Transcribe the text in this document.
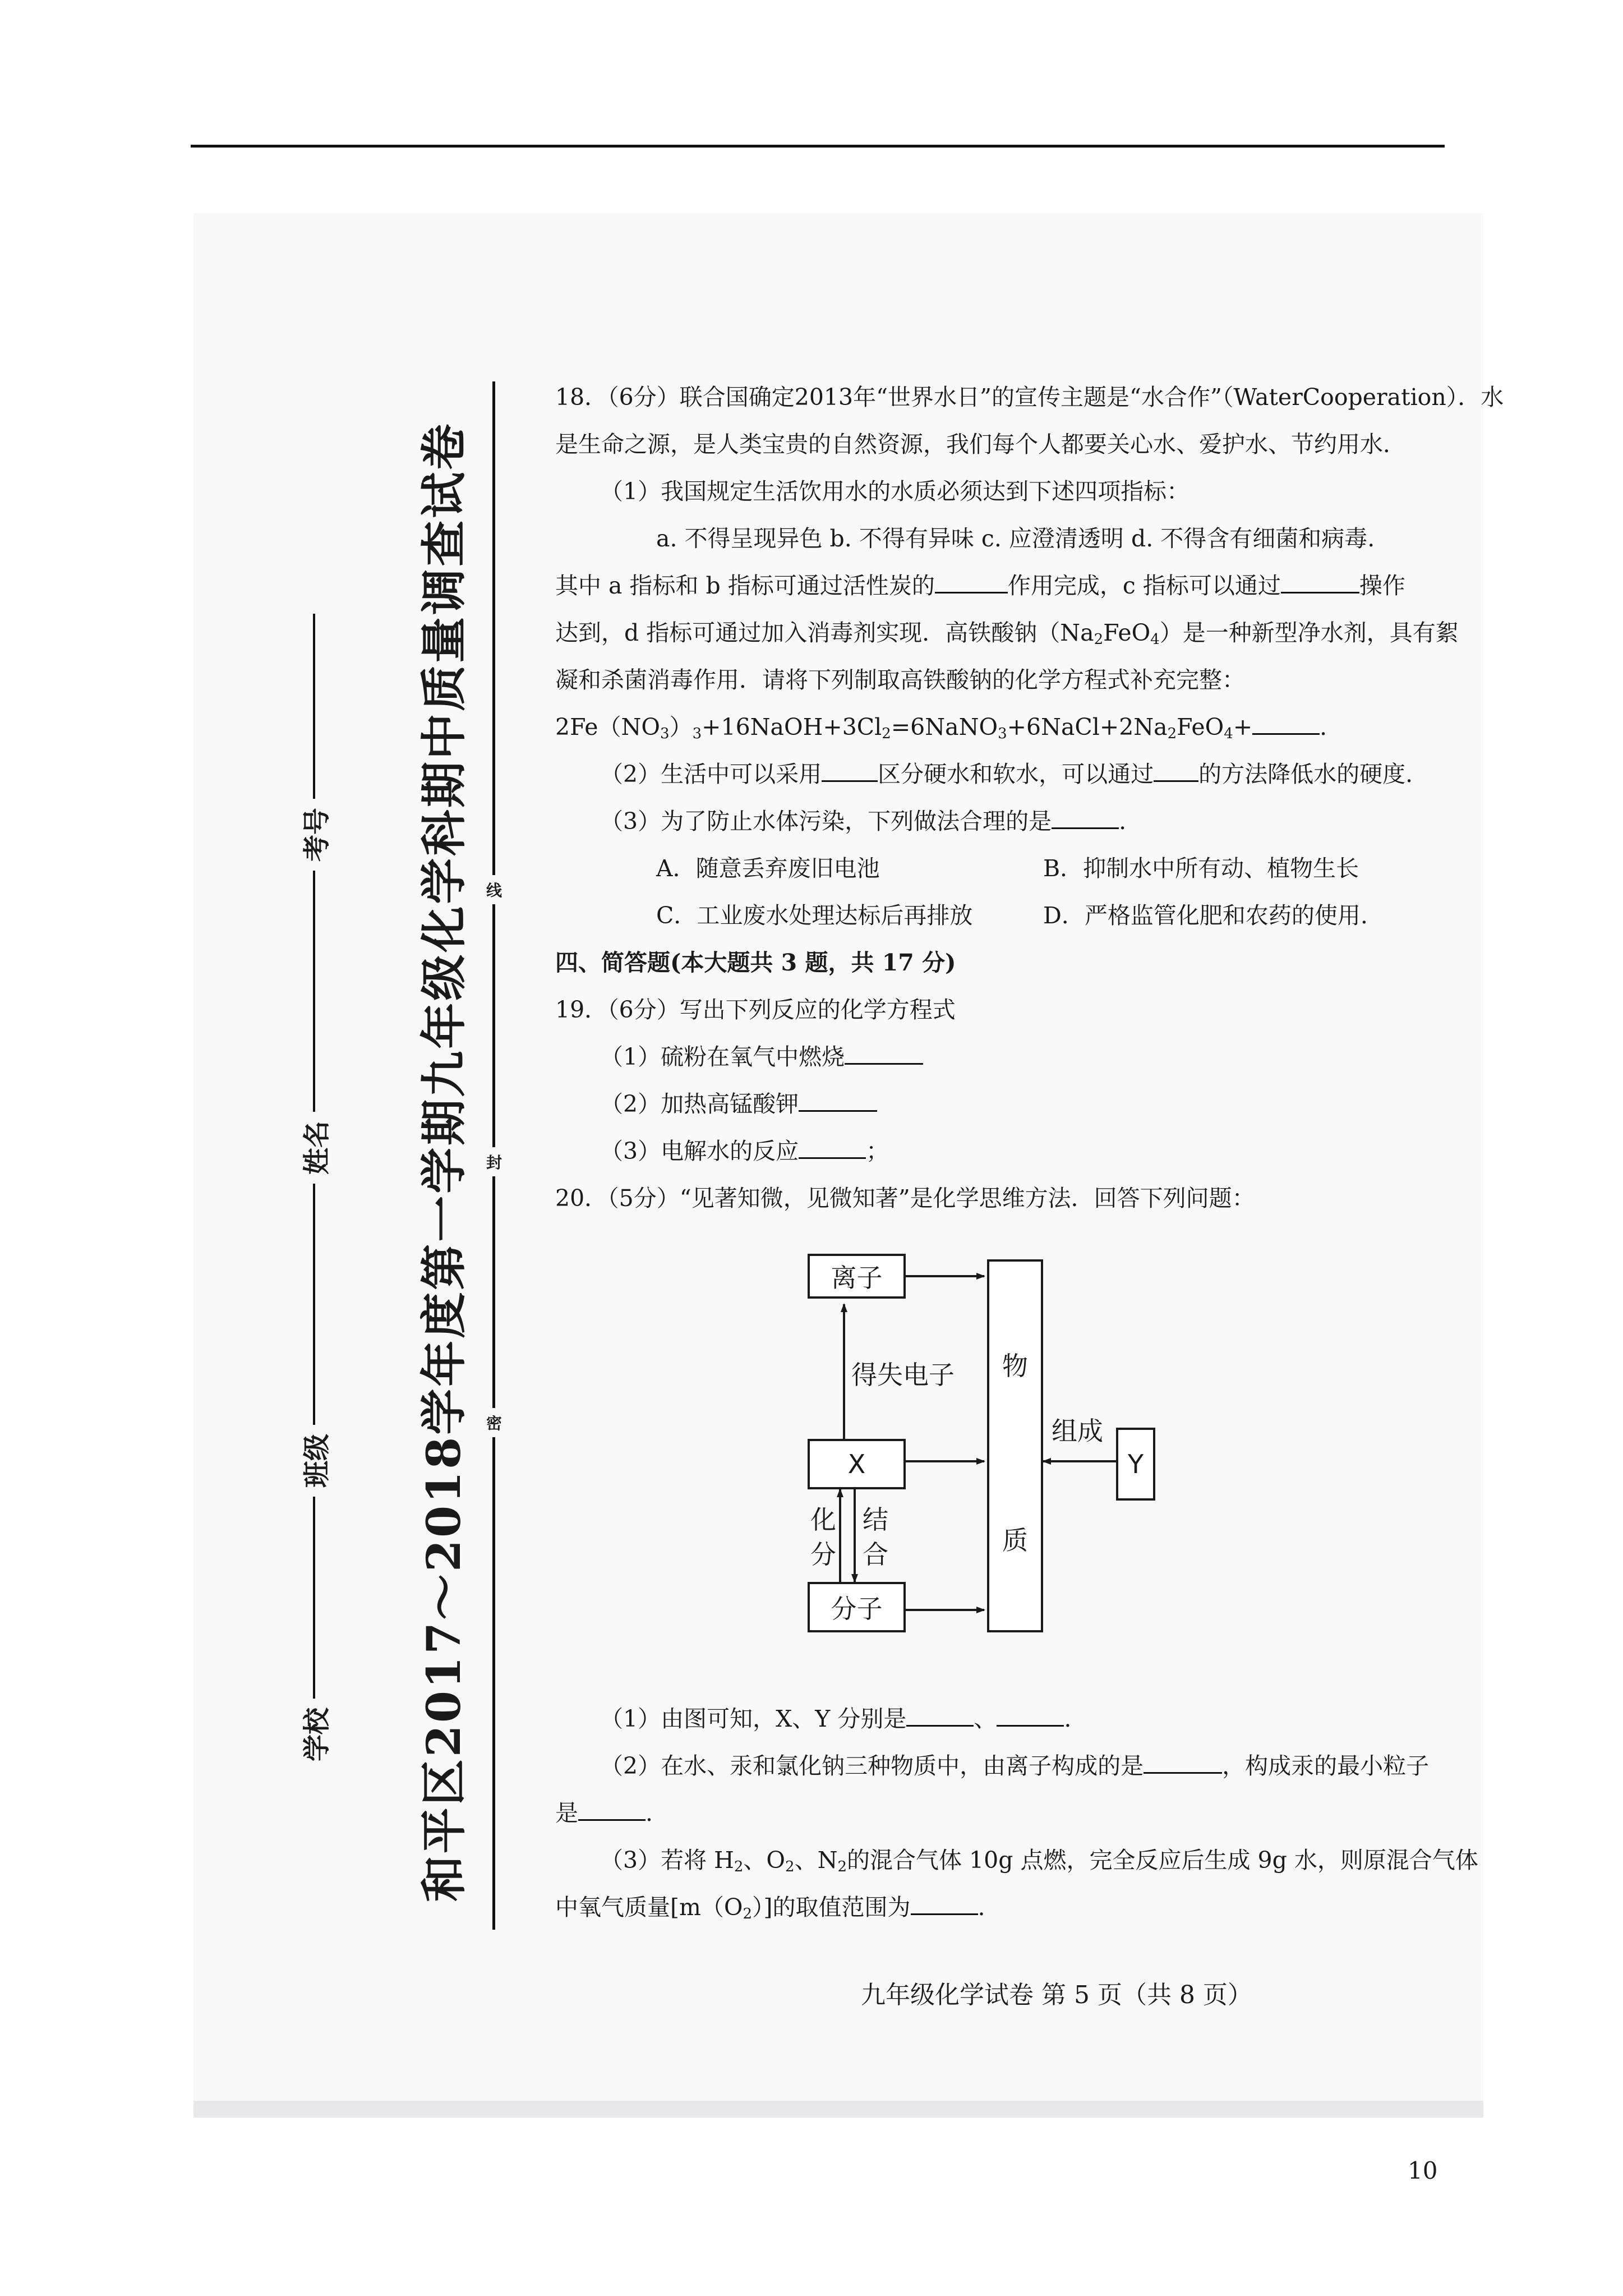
和平区2017～2018学年度第一学期九年级化学科期中质量调查试卷
学校
班级
姓名
考号
线
封
密
18．（6分）联合国确定2013年“世界水日”的宣传主题是“水合作”（WaterCooperation）．水
是生命之源，是人类宝贵的自然资源，我们每个人都要关心水、爱护水、节约用水．
（1）我国规定生活饮用水的水质必须达到下述四项指标：
a. 不得呈现异色 b. 不得有异味 c. 应澄清透明 d. 不得含有细菌和病毒.
其中 a 指标和 b 指标可通过活性炭的	作用完成，c 指标可以通过	操作
达到，d 指标可通过加入消毒剂实现．高铁酸钠$(Na_2FeO_4)$是一种新型净水剂，具有絮
凝和杀菌消毒作用．请将下列制取高铁酸钠的化学方程式补充完整：
$2Fe(NO_3)_3+16NaOH+3Cl_2=6NaNO_3+6NaCl+2Na_2FeO_4+$	.
（2）生活中可以采用 区分硬水和软水，可以通过 的方法降低水的硬度.
（3）为了防止水体污染，下列做法合理的是	.
A．随意丢弃废旧电池	B．抑制水中所有动、植物生长
C．工业废水处理达标后再排放	D．严格监管化肥和农药的使用.
四、简答题(本大题共 3 题，共 17 分)
19．（6分）写出下列反应的化学方程式
（1）硫粉在氧气中燃烧
（2）加热高锰酸钾
（3）电解水的反应	；
20．（5分）“见著知微，见微知著”是化学思维方法．回答下列问题：
（1）由图可知，X、Y 分别是	、	.
（2）在水、汞和氯化钠三种物质中，由离子构成的是	，构成汞的最小粒子
是	.
（3）若将 $H_2$、$O_2$、$N_2$的混合气体 10g 点燃，完全反应后生成 9g 水，则原混合气体
中氧气质量$[m(O_2)]$的取值范围为	.
离子
X
分子
物
质
Y
得失电子
组成
化
分
结
合
九年级化学试卷 第 5 页（共 8 页）
10
